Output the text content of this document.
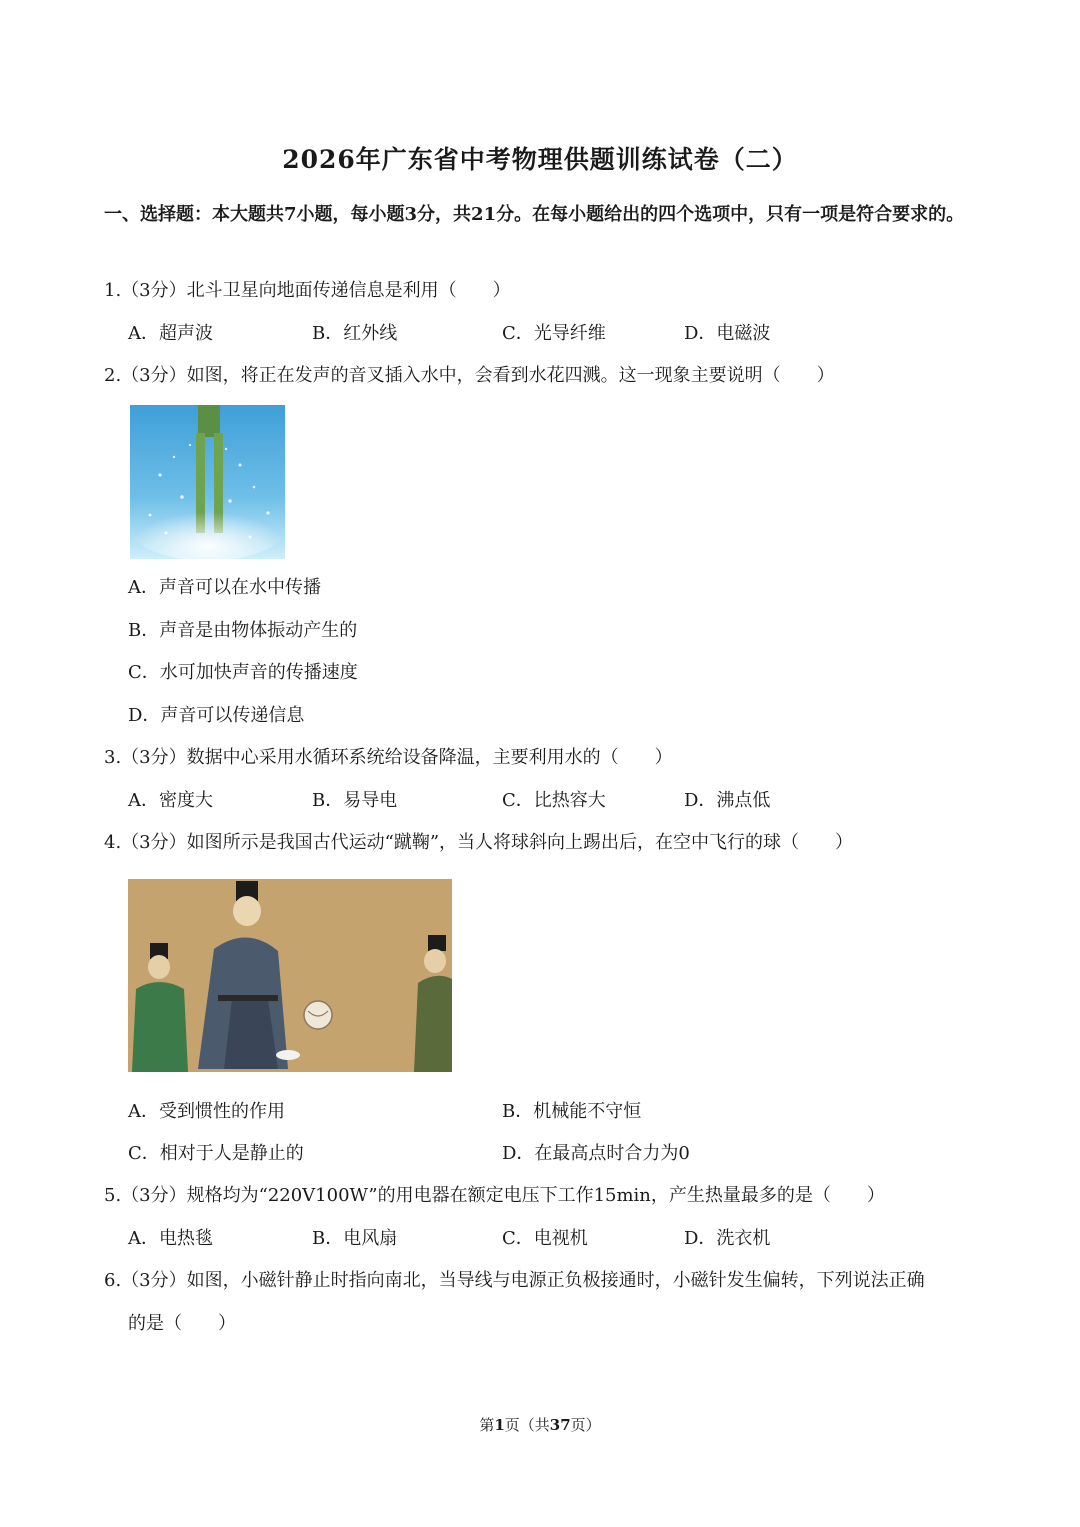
2026年广东省中考物理供题训练试卷（二）
一、选择题：本大题共7小题，每小题3分，共21分。在每小题给出的四个选项中，只有一项是符合要求的。
1.（3分）北斗卫星向地面传递信息是利用（　　）
A．超声波	B．红外线	C．光导纤维	D．电磁波
2.（3分）如图，将正在发声的音叉插入水中，会看到水花四溅。这一现象主要说明（　　）
A．声音可以在水中传播
B．声音是由物体振动产生的
C．水可加快声音的传播速度
D．声音可以传递信息
3.（3分）数据中心采用水循环系统给设备降温，主要利用水的（　　）
A．密度大	B．易导电	C．比热容大	D．沸点低
4.（3分）如图所示是我国古代运动“蹴鞠”，当人将球斜向上踢出后，在空中飞行的球（　　）
A．受到惯性的作用	B．机械能不守恒
C．相对于人是静止的	D．在最高点时合力为0
5.（3分）规格均为“220V100W”的用电器在额定电压下工作15min，产生热量最多的是（　　）
A．电热毯	B．电风扇	C．电视机	D．洗衣机
6.（3分）如图，小磁针静止时指向南北，当导线与电源正负极接通时，小磁针发生偏转，下列说法正确
的是（　　）
第1页（共37页）
